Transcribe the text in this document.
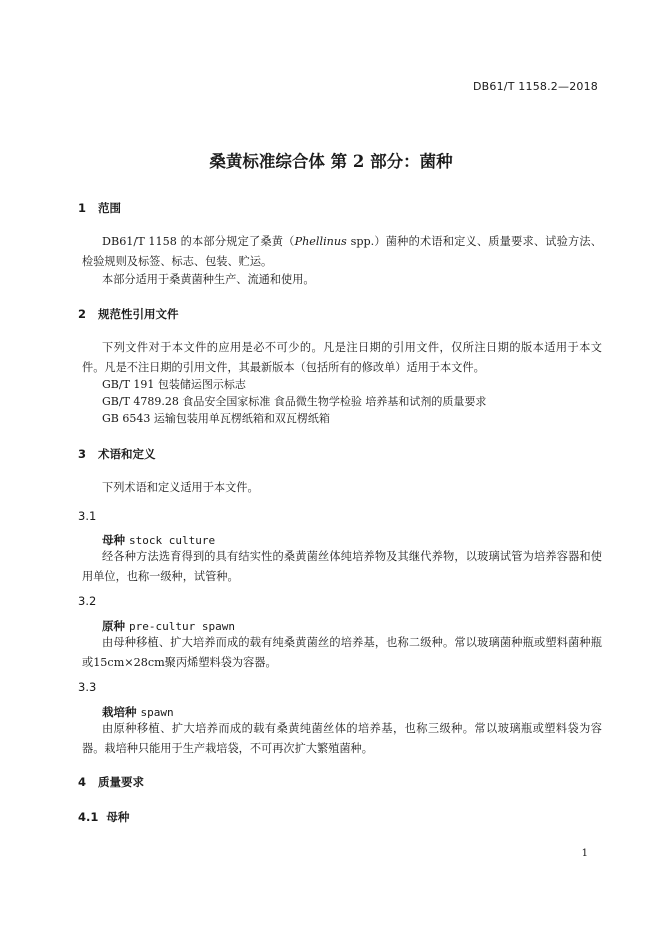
DB61/T 1158.2—2018
桑黄标准综合体 第 2 部分：菌种
1 范围
DB61/T 1158 的本部分规定了桑黄（Phellinus spp.）菌种的术语和定义、质量要求、试验方法、检验规则及标签、标志、包装、贮运。
本部分适用于桑黄菌种生产、流通和使用。
2 规范性引用文件
下列文件对于本文件的应用是必不可少的。凡是注日期的引用文件，仅所注日期的版本适用于本文件。凡是不注日期的引用文件，其最新版本（包括所有的修改单）适用于本文件。
GB/T 191 包装储运图示标志
GB/T 4789.28 食品安全国家标准 食品微生物学检验 培养基和试剂的质量要求
GB 6543 运输包装用单瓦楞纸箱和双瓦楞纸箱
3 术语和定义
下列术语和定义适用于本文件。
3.1
母种 stock culture
经各种方法选育得到的具有结实性的桑黄菌丝体纯培养物及其继代养物，以玻璃试管为培养容器和使用单位，也称一级种，试管种。
3.2
原种 pre-cultur spawn
由母种移植、扩大培养而成的载有纯桑黄菌丝的培养基，也称二级种。常以玻璃菌种瓶或塑料菌种瓶或15cm×28cm聚丙烯塑料袋为容器。
3.3
栽培种 spawn
由原种移植、扩大培养而成的载有桑黄纯菌丝体的培养基，也称三级种。常以玻璃瓶或塑料袋为容器。栽培种只能用于生产栽培袋，不可再次扩大繁殖菌种。
4 质量要求
4.1 母种
1
